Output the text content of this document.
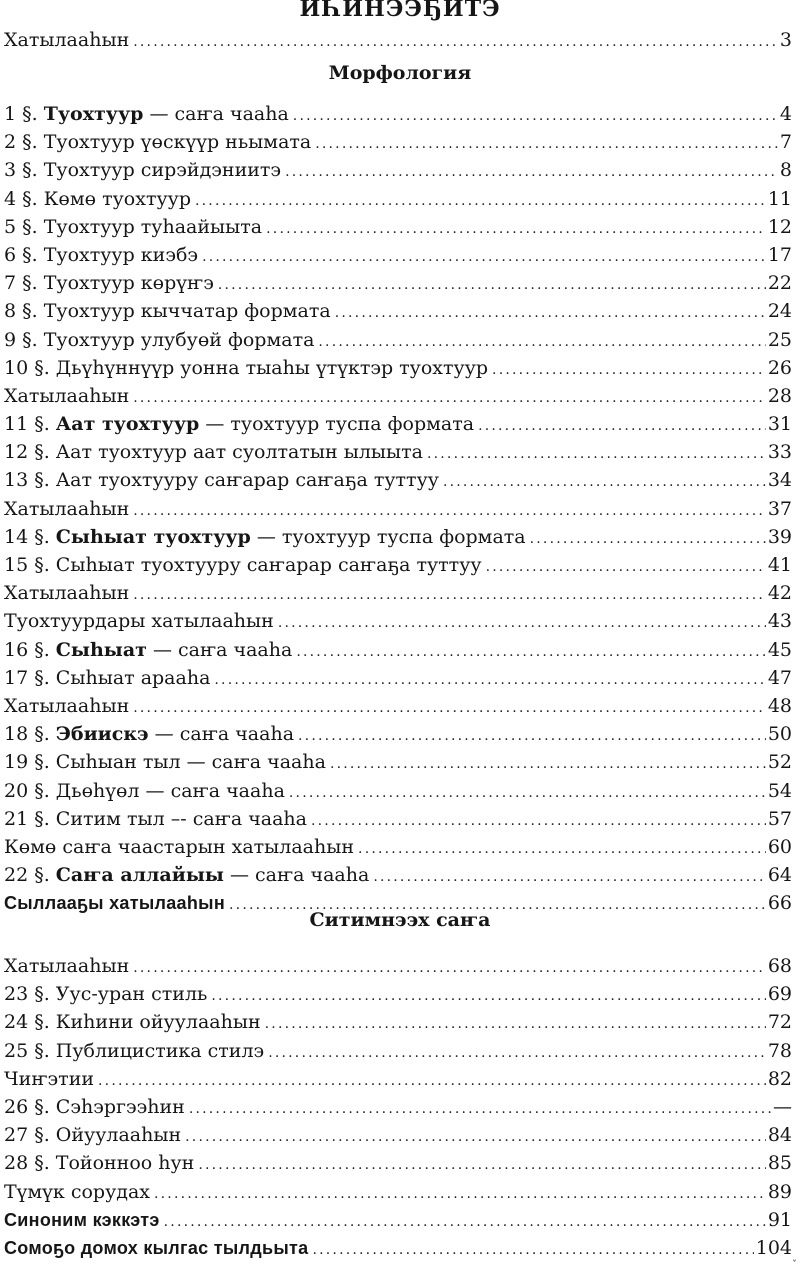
ИҺИНЭЭҔИТЭ
Хатылааһын .....	3
Морфология
1 §. Туохтуур — саҥа чааһа .....	4
2 §. Туохтуур үөскүүр ньымата .....	7
3 §. Туохтуур сирэйдэниитэ .....	8
4 §. Көмө туохтуур .....	11
5 §. Туохтуур туһаайыыта .....	12
6 §. Туохтуур киэбэ .....	17
7 §. Туохтуур көрүҥэ .....	22
8 §. Туохтуур кыччатар формата .....	24
9 §. Туохтуур улубуөй формата .....	25
10 §. Дьүһүннүүр уонна тыаһы үтүктэр туохтуур .....	26
Хатылааһын .....	28
11 §. Аат туохтуур — туохтуур туспа формата .....	31
12 §. Аат туохтуур аат суолтатын ылыыта .....	33
13 §. Аат туохтууру саҥарар саҥаҕа туттуу .....	34
Хатылааһын .....	37
14 §. Сыһыат туохтуур — туохтуур туспа формата .....	39
15 §. Сыһыат туохтууру саҥарар саҥаҕа туттуу .....	41
Хатылааһын .....	42
Туохтуурдары хатылааһын .....	43
16 §. Сыһыат — саҥа чааһа .....	45
17 §. Сыһыат арааһа .....	47
Хатылааһын .....	48
18 §. Эбиискэ — саҥа чааһа .....	50
19 §. Сыһыан тыл — саҥа чааһа .....	52
20 §. Дьөһүөл — саҥа чааһа .....	54
21 §. Ситим тыл –- саҥа чааһа .....	57
Көмө саҥа чаастарын хатылааһын .....	60
22 §. Саҥа аллайыы — саҥа чааһа .....	64
Сыллааҕы хатылааһын .....	66
Ситимнээх саҥа
Хатылааһын .....	68
23 §. Уус-уран стиль .....	69
24 §. Киһини ойуулааһын .....	72
25 §. Публицистика стилэ .....	78
Чиҥэтии .....	82
26 §. Сэһэргээһин .....	—
27 §. Ойуулааһын .....	84
28 §. Тойонноо һун .....	85
Түмүк сорудах .....	89
Синоним кэккэтэ .....	91
Сомоҕо домох кылгас тылдьыта .....	104
ˇ
